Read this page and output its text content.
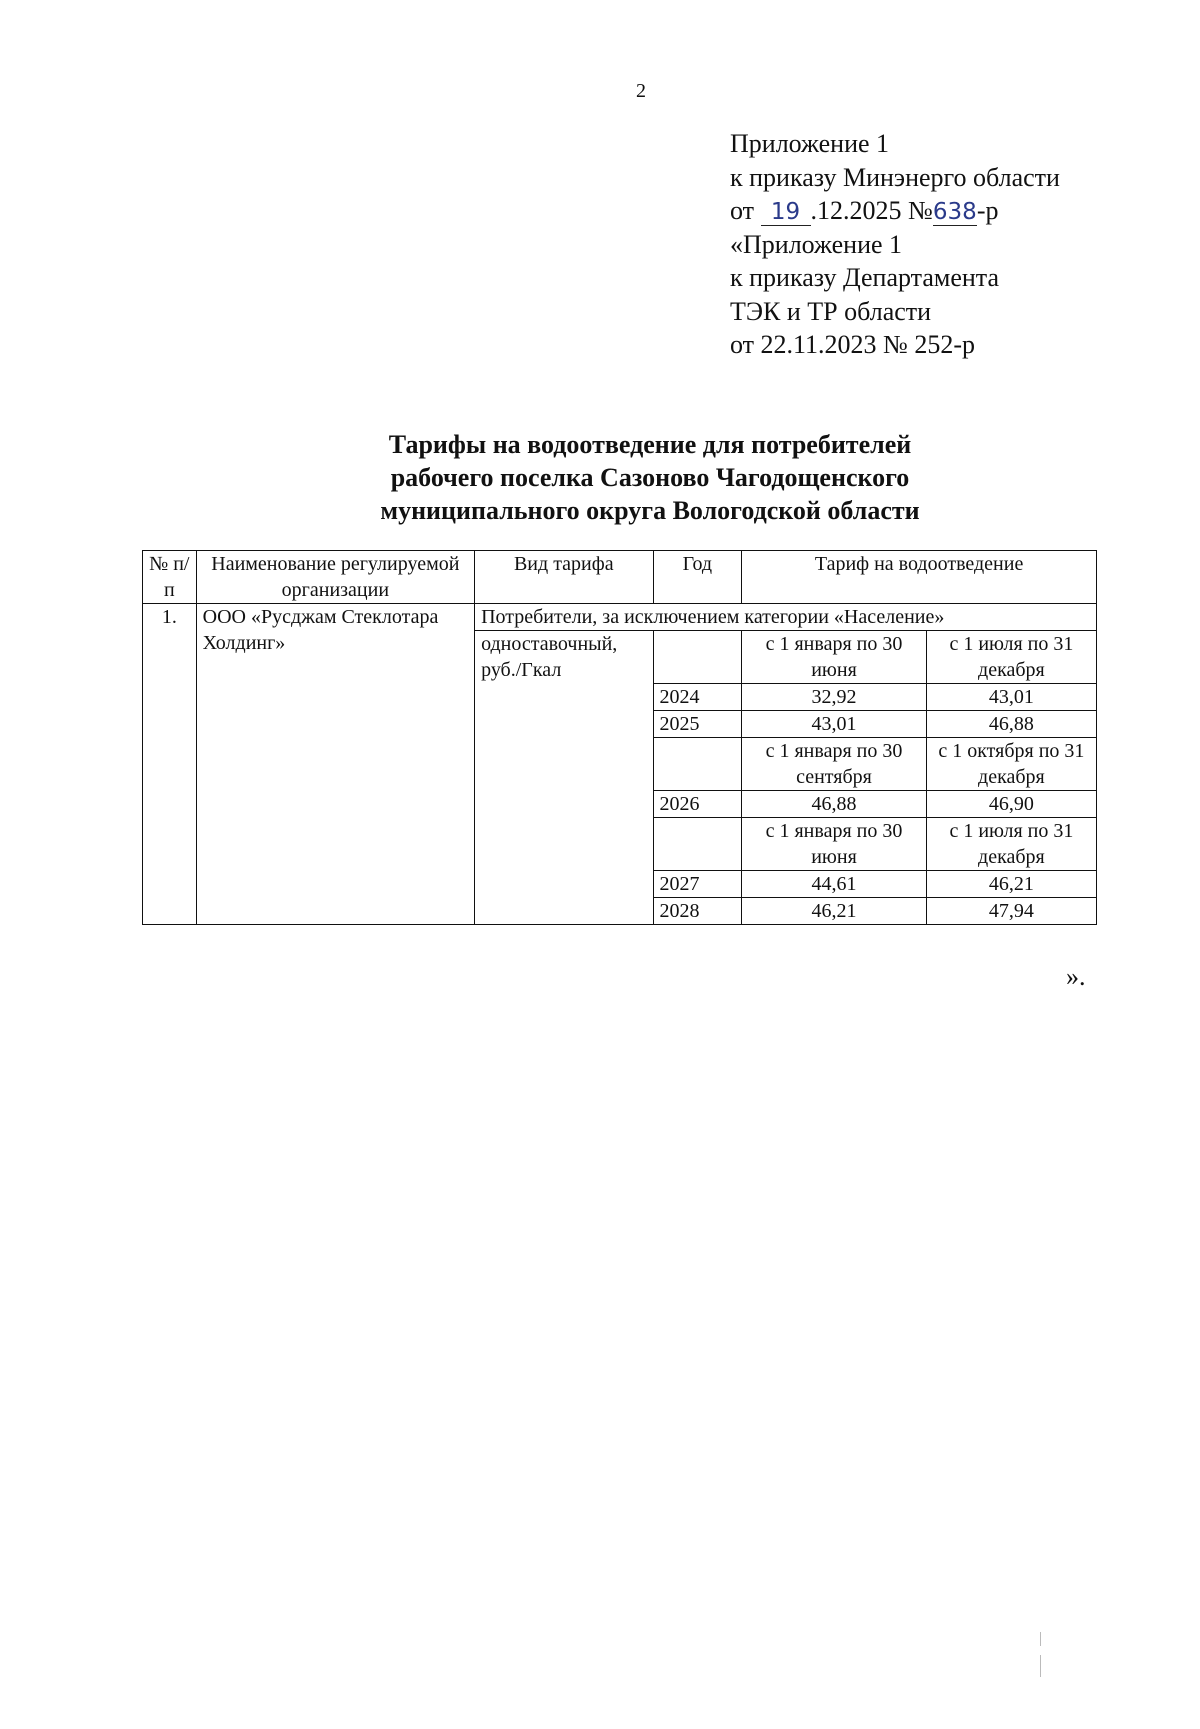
2
Приложение 1
к приказу Минэнерго области
от 19 .12.2025 №638-р
«Приложение 1
к приказу Департамента
ТЭК и ТР области
от 22.11.2023 № 252-р
Тарифы на водоотведение для потребителей
рабочего поселка Сазоново Чагодощенского
муниципального округа Вологодской области
№ п/п	Наименование регулируемой организации	Вид тарифа	Год	Тариф на водоотведение	
1.	ООО «Русджам Стеклотара Холдинг»	Потребители, за исключением категории «Население»			
		одноставочный, руб./Гкал		с 1 января по 30 июня	с 1 июля по 31 декабря
			2024	32,92	43,01
			2025	43,01	46,88
				с 1 января по 30 сентября	с 1 октября по 31 декабря
			2026	46,88	46,90
				с 1 января по 30 июня	с 1 июля по 31 декабря
			2027	44,61	46,21
			2028	46,21	47,94
».
